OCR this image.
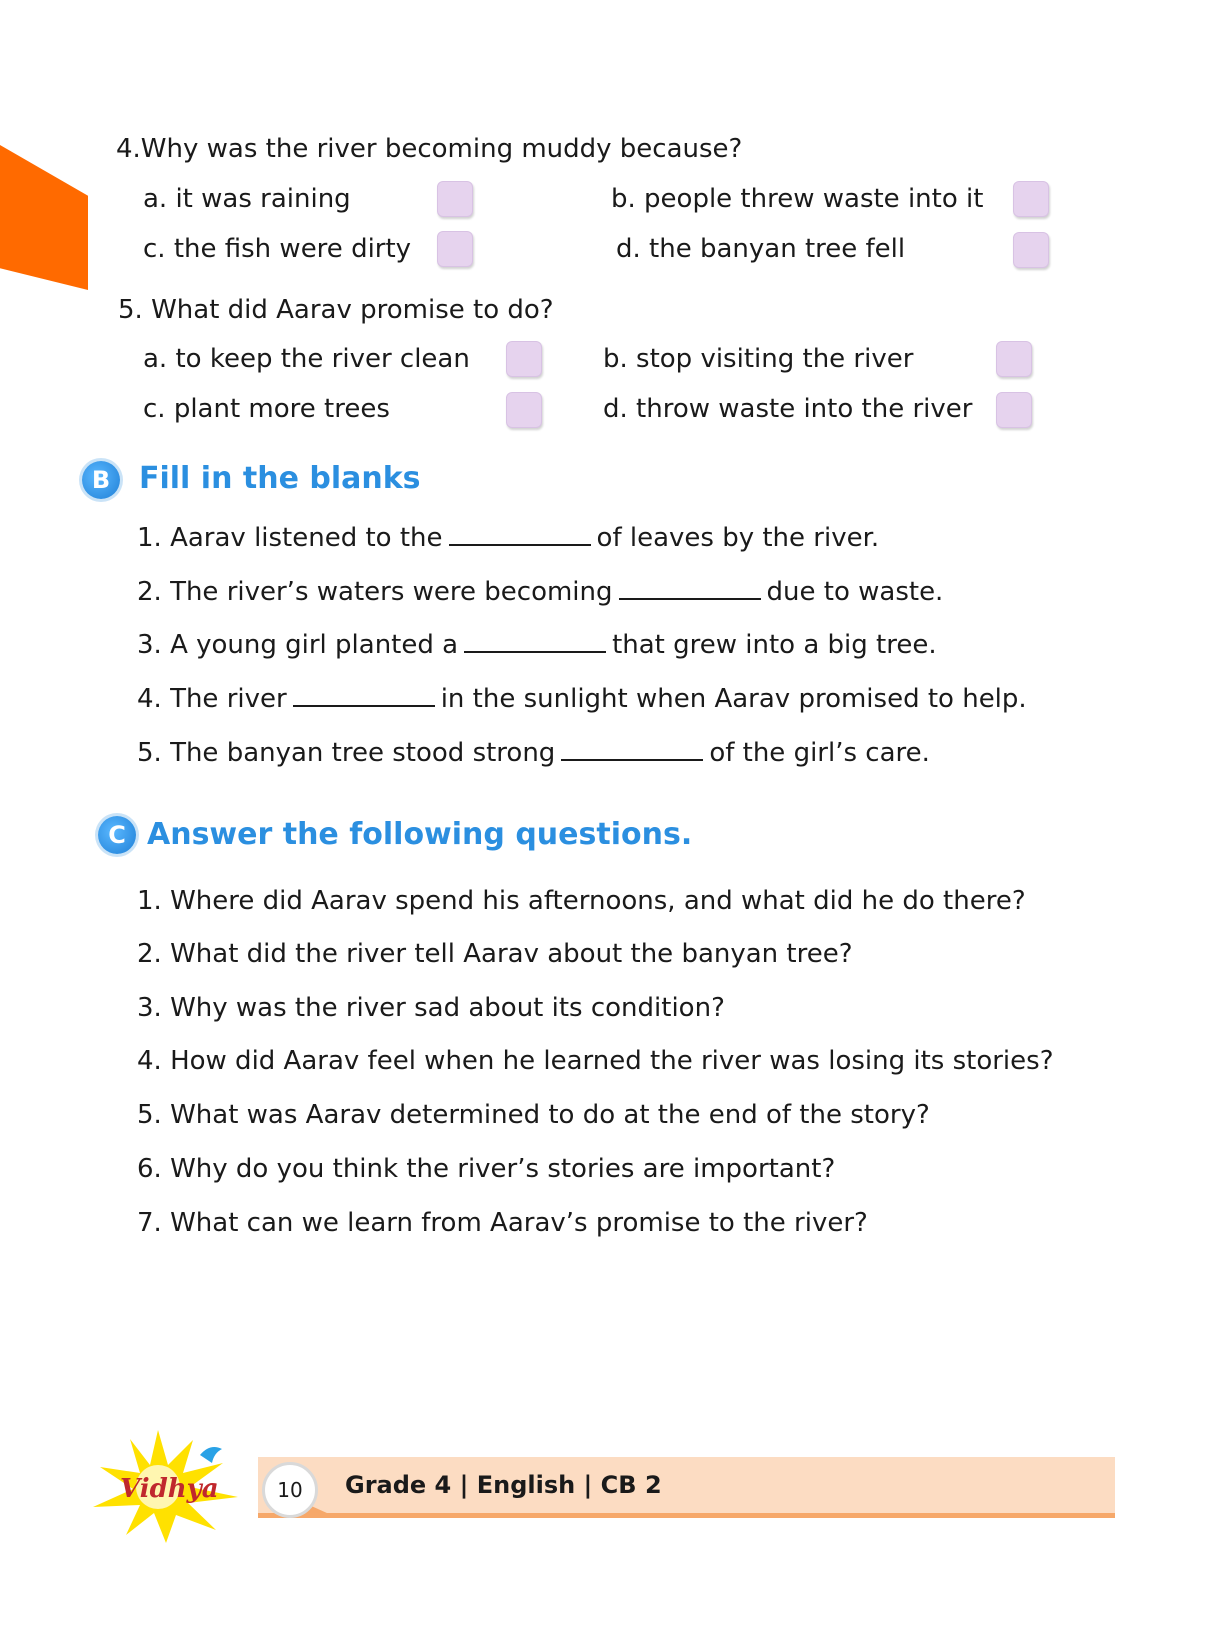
4.Why was the river becoming muddy because?
a. it was raining	b. people threw waste into it
c. the fish were dirty	d. the banyan tree fell
5. What did Aarav promise to do?
a. to keep the river clean	b. stop visiting the river
c. plant more trees	d. throw waste into the river
B Fill in the blanks
1. Aarav listened to the	of leaves by the river.
2. The river’s waters were becoming	due to waste.
3. A young girl planted a	that grew into a big tree.
4. The river	in the sunlight when Aarav promised to help.
5. The banyan tree stood strong	of the girl’s care.
C Answer the following questions.
1. Where did Aarav spend his afternoons, and what did he do there?
2. What did the river tell Aarav about the banyan tree?
3. Why was the river sad about its condition?
4. How did Aarav feel when he learned the river was losing its stories?
5. What was Aarav determined to do at the end of the story?
6. Why do you think the river’s stories are important?
7. What can we learn from Aarav’s promise to the river?
Vidhya	10	Grade 4 | English | CB 2
